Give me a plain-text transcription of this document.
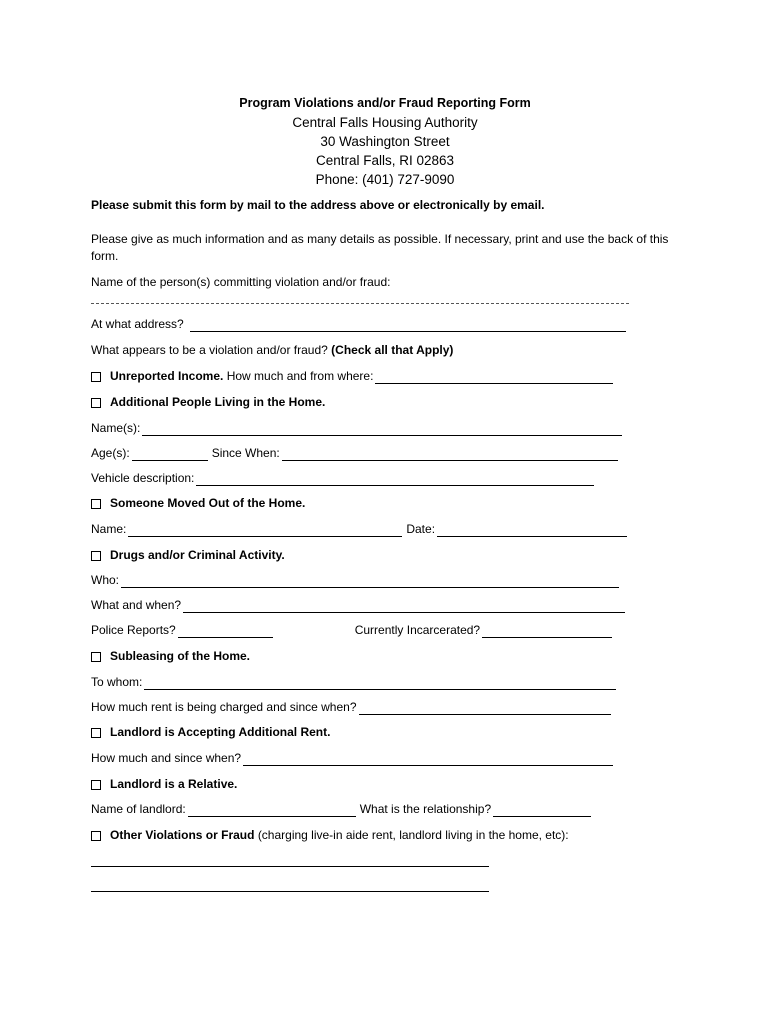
Program Violations and/or Fraud Reporting Form
Central Falls Housing Authority
30 Washington Street
Central Falls, RI 02863
Phone: (401) 727-9090
Please submit this form by mail to the address above or electronically by email.
Please give as much information and as many details as possible. If necessary, print and use the back of this form.
Name of the person(s) committing violation and/or fraud:
At what address?
What appears to be a violation and/or fraud?
(Check all that Apply)
Unreported Income.
How much and from where:
Additional People Living in the Home.
Name(s):
Age(s):	Since When:
Vehicle description:
Someone Moved Out of the Home.
Name:	Date:
Drugs and/or Criminal Activity.
Who:
What and when?
Police Reports?	Currently Incarcerated?
Subleasing of the Home.
To whom:
How much rent is being charged and since when?
Landlord is Accepting Additional Rent.
How much and since when?
Landlord is a Relative.
Name of landlord:	What is the relationship?
Other Violations or Fraud
(charging live-in aide rent, landlord living in the home, etc):
